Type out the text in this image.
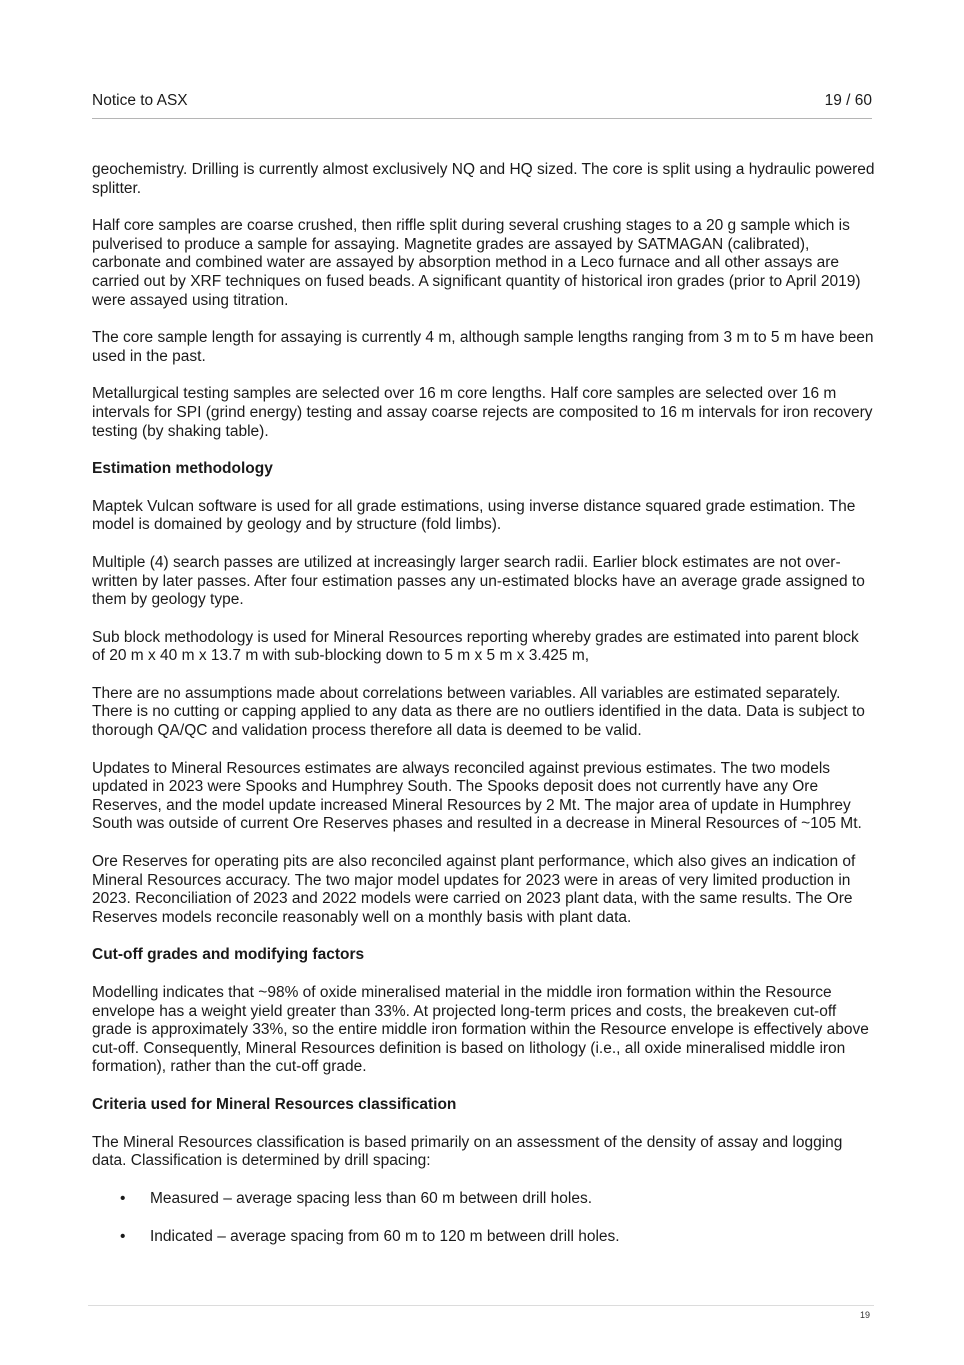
Notice to ASX	19 / 60

geochemistry. Drilling is currently almost exclusively NQ and HQ sized. The core is split using a hydraulic powered splitter.

Half core samples are coarse crushed, then riffle split during several crushing stages to a 20 g sample which is pulverised to produce a sample for assaying. Magnetite grades are assayed by SATMAGAN (calibrated), carbonate and combined water are assayed by absorption method in a Leco furnace and all other assays are carried out by XRF techniques on fused beads. A significant quantity of historical iron grades (prior to April 2019) were assayed using titration.

The core sample length for assaying is currently 4 m, although sample lengths ranging from 3 m to 5 m have been used in the past.

Metallurgical testing samples are selected over 16 m core lengths. Half core samples are selected over 16 m intervals for SPI (grind energy) testing and assay coarse rejects are composited to 16 m intervals for iron recovery testing (by shaking table).

Estimation methodology

Maptek Vulcan software is used for all grade estimations, using inverse distance squared grade estimation. The model is domained by geology and by structure (fold limbs).

Multiple (4) search passes are utilized at increasingly larger search radii. Earlier block estimates are not over-written by later passes. After four estimation passes any un-estimated blocks have an average grade assigned to them by geology type.

Sub block methodology is used for Mineral Resources reporting whereby grades are estimated into parent block of 20 m x 40 m x 13.7 m with sub-blocking down to 5 m x 5 m x 3.425 m,

There are no assumptions made about correlations between variables. All variables are estimated separately. There is no cutting or capping applied to any data as there are no outliers identified in the data. Data is subject to thorough QA/QC and validation process therefore all data is deemed to be valid.

Updates to Mineral Resources estimates are always reconciled against previous estimates. The two models updated in 2023 were Spooks and Humphrey South. The Spooks deposit does not currently have any Ore Reserves, and the model update increased Mineral Resources by 2 Mt. The major area of update in Humphrey South was outside of current Ore Reserves phases and resulted in a decrease in Mineral Resources of ~105 Mt.

Ore Reserves for operating pits are also reconciled against plant performance, which also gives an indication of Mineral Resources accuracy. The two major model updates for 2023 were in areas of very limited production in 2023. Reconciliation of 2023 and 2022 models were carried on 2023 plant data, with the same results. The Ore Reserves models reconcile reasonably well on a monthly basis with plant data.

Cut-off grades and modifying factors

Modelling indicates that ~98% of oxide mineralised material in the middle iron formation within the Resource envelope has a weight yield greater than 33%. At projected long-term prices and costs, the breakeven cut-off grade is approximately 33%, so the entire middle iron formation within the Resource envelope is effectively above cut-off. Consequently, Mineral Resources definition is based on lithology (i.e., all oxide mineralised middle iron formation), rather than the cut-off grade.

Criteria used for Mineral Resources classification

The Mineral Resources classification is based primarily on an assessment of the density of assay and logging data. Classification is determined by drill spacing:

• Measured – average spacing less than 60 m between drill holes.
• Indicated – average spacing from 60 m to 120 m between drill holes.
19
